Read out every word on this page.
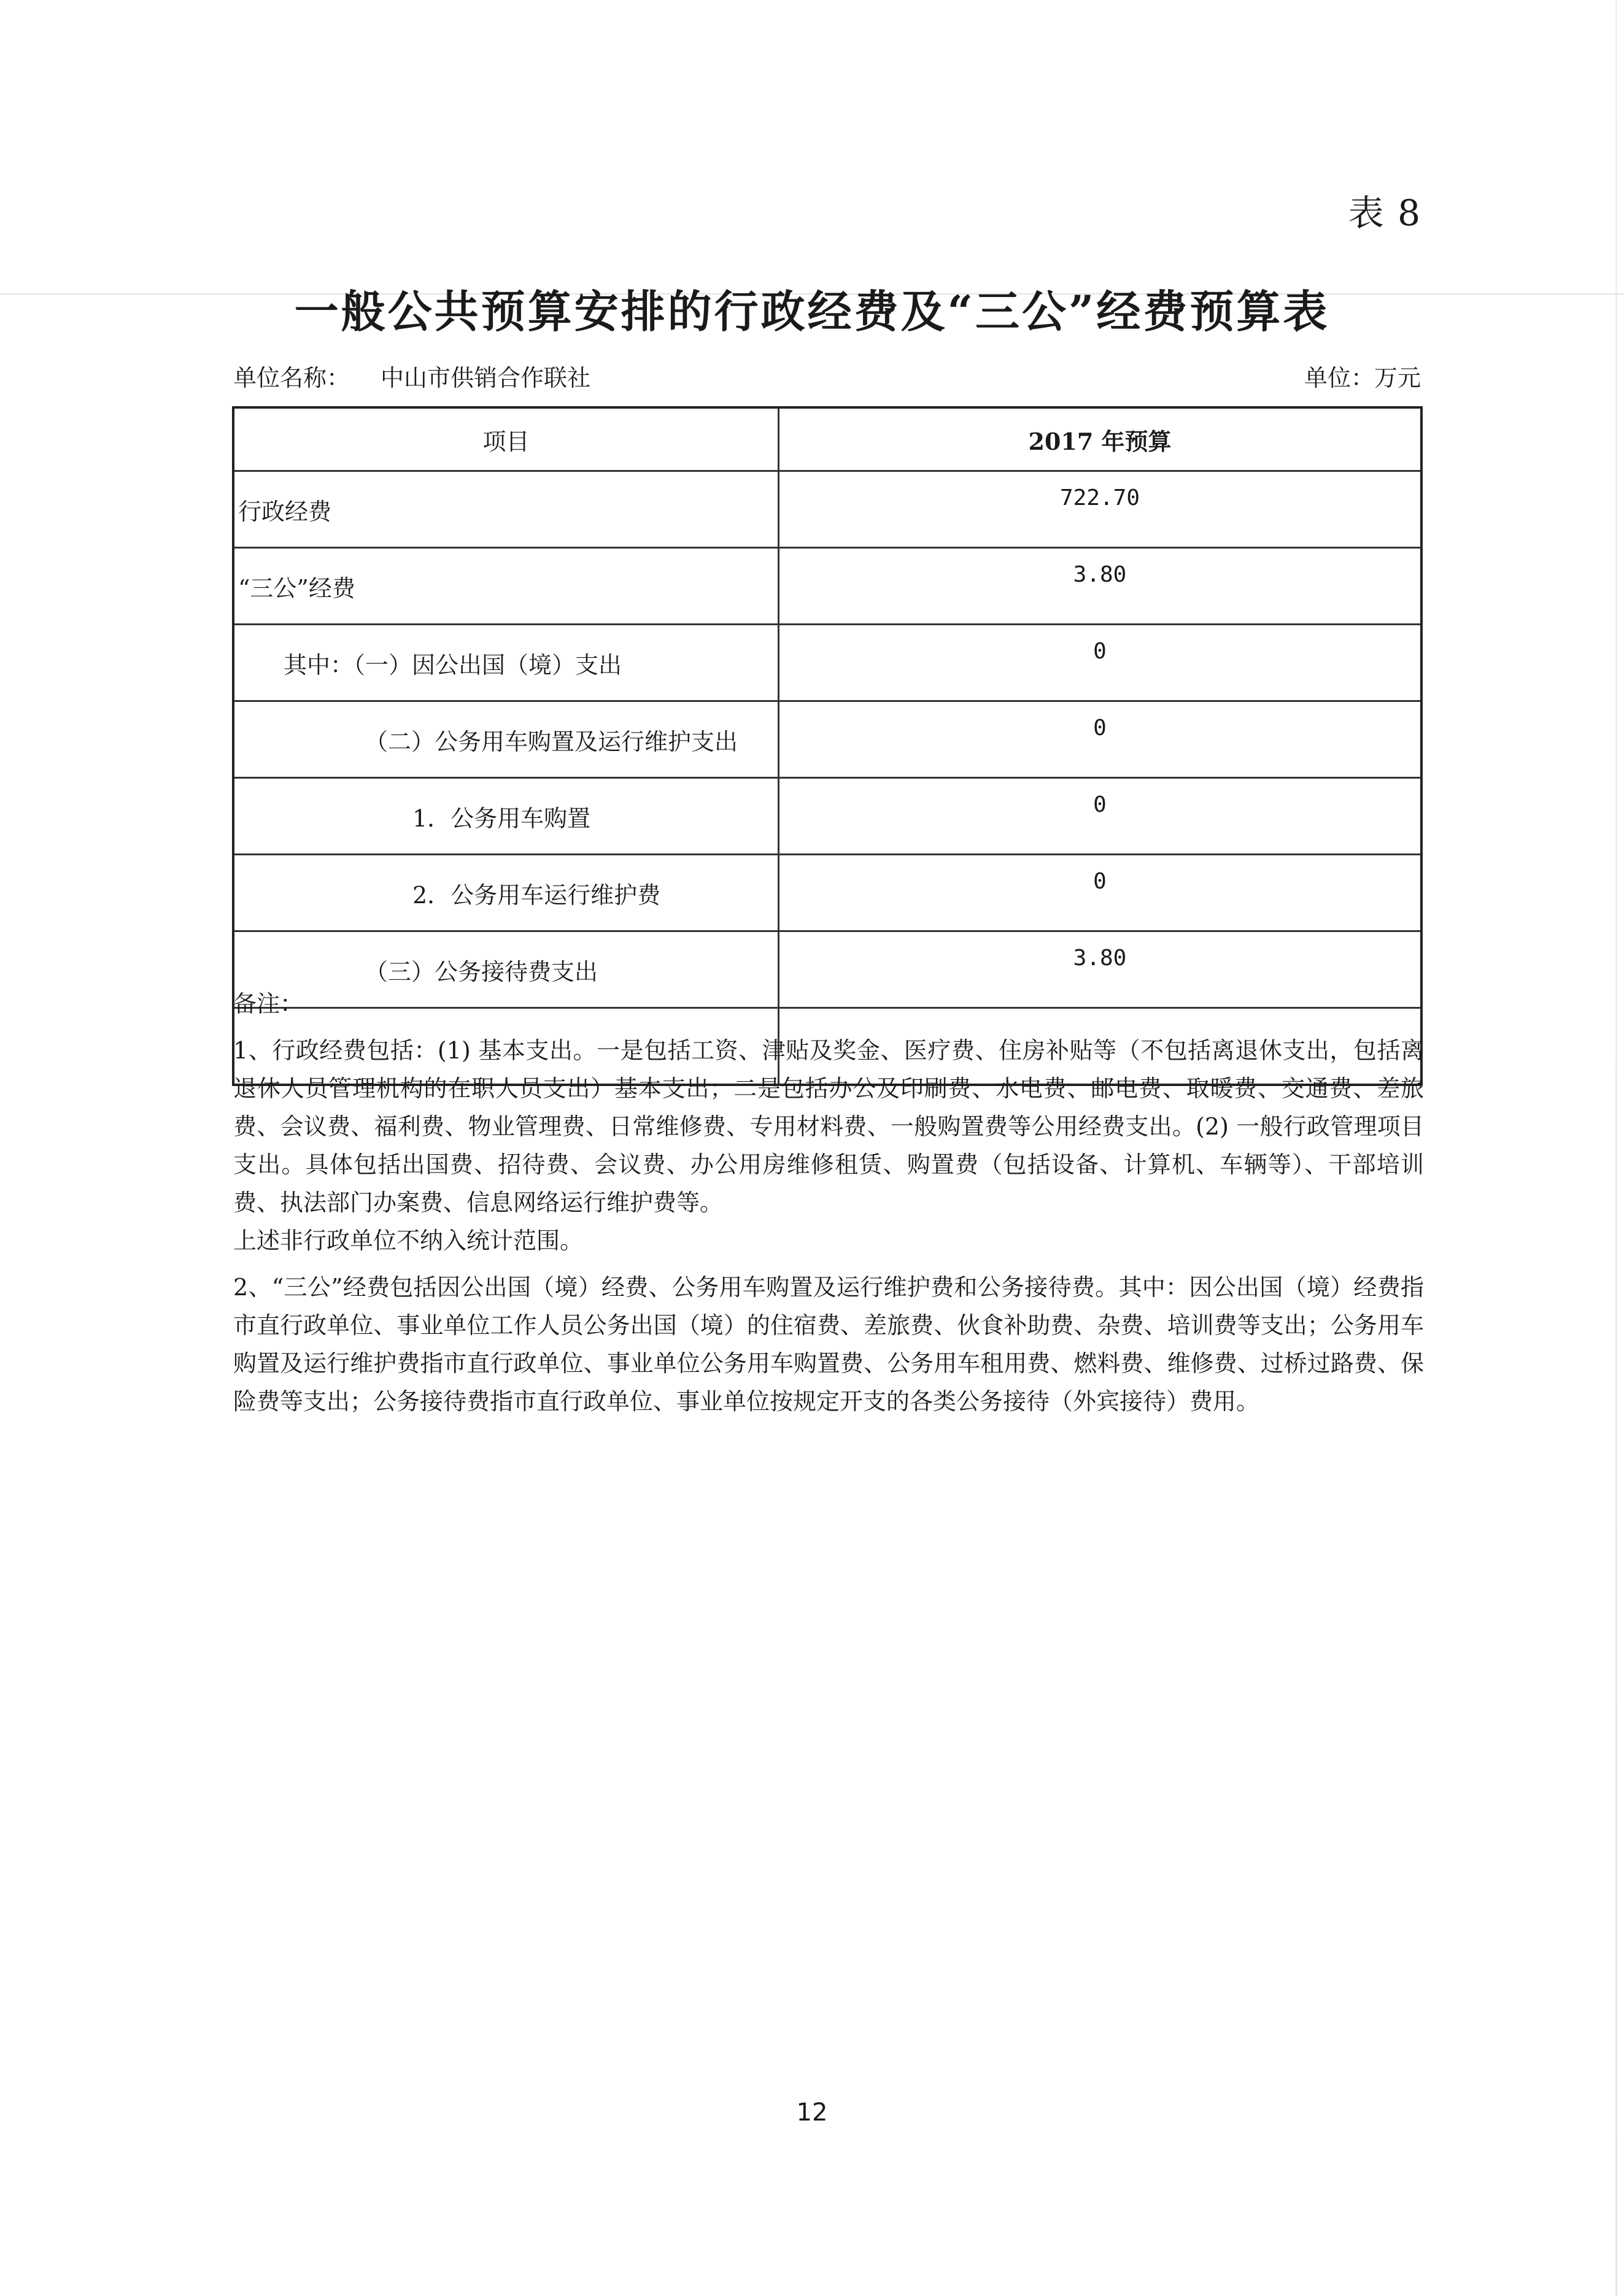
表 8
一般公共预算安排的行政经费及“三公”经费预算表
单位名称： 中山市供销合作联社	单位：万元
项目	2017 年预算
行政经费	722.70
“三公”经费	3.80
其中：（一）因公出国（境）支出	0
（二）公务用车购置及运行维护支出	0
1．公务用车购置	0
2．公务用车运行维护费	0
（三）公务接待费支出	3.80

备注：

1、行政经费包括：(1) 基本支出。一是包括工资、津贴及奖金、医疗费、住房补贴等（不包括离退休支出，包括离退休人员管理机构的在职人员支出）基本支出；二是包括办公及印刷费、水电费、邮电费、取暖费、交通费、差旅费、会议费、福利费、物业管理费、日常维修费、专用材料费、一般购置费等公用经费支出。(2) 一般行政管理项目支出。具体包括出国费、招待费、会议费、办公用房维修租赁、购置费（包括设备、计算机、车辆等）、干部培训费、执法部门办案费、信息网络运行维护费等。

上述非行政单位不纳入统计范围。

2、“三公”经费包括因公出国（境）经费、公务用车购置及运行维护费和公务接待费。其中：因公出国（境）经费指市直行政单位、事业单位工作人员公务出国（境）的住宿费、差旅费、伙食补助费、杂费、培训费等支出；公务用车购置及运行维护费指市直行政单位、事业单位公务用车购置费、公务用车租用费、燃料费、维修费、过桥过路费、保险费等支出；公务接待费指市直行政单位、事业单位按规定开支的各类公务接待（外宾接待）费用。

12
